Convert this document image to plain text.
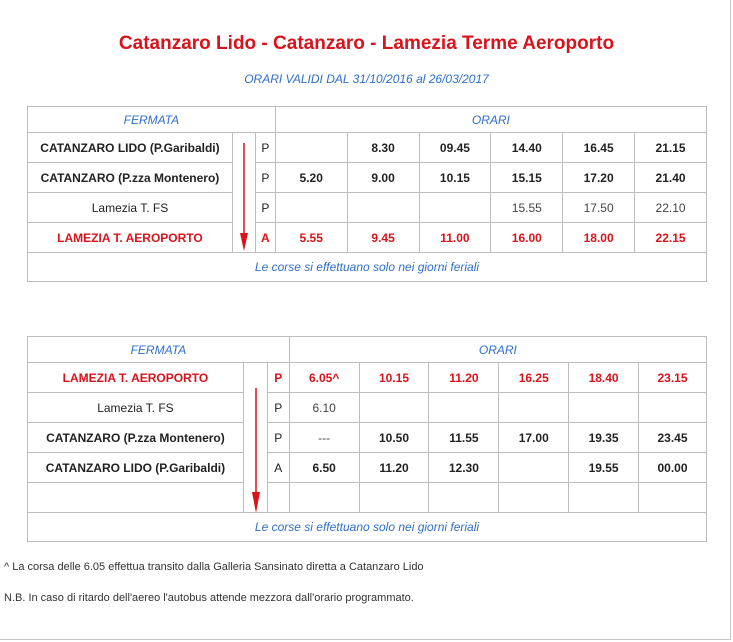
Catanzaro Lido - Catanzaro - Lamezia Terme Aeroporto
ORARI VALIDI DAL 31/10/2016 al 26/03/2017
FERMATA			ORARI					
CATANZARO LIDO (P.Garibaldi)		P		8.30	09.45	14.40	16.45	21.15
CATANZARO (P.zza Montenero)		P	5.20	9.00	10.15	15.15	17.20	21.40
Lamezia T. FS		P				15.55	17.50	22.10
LAMEZIA T. AEROPORTO		A	5.55	9.45	11.00	16.00	18.00	22.15
Le corse si effettuano solo nei giorni feriali								
FERMATA			ORARI					
LAMEZIA T. AEROPORTO		P	6.05^	10.15	11.20	16.25	18.40	23.15
Lamezia T. FS		P	6.10					
CATANZARO (P.zza Montenero)		P	---	10.50	11.55	17.00	19.35	23.45
CATANZARO LIDO (P.Garibaldi)		A	6.50	11.20	12.30		19.55	00.00

Le corse si effettuano solo nei giorni feriali								
^ La corsa delle 6.05 effettua transito dalla Galleria Sansinato diretta a Catanzaro Lido
N.B. In caso di ritardo dell'aereo l'autobus attende mezzora dall'orario programmato.
